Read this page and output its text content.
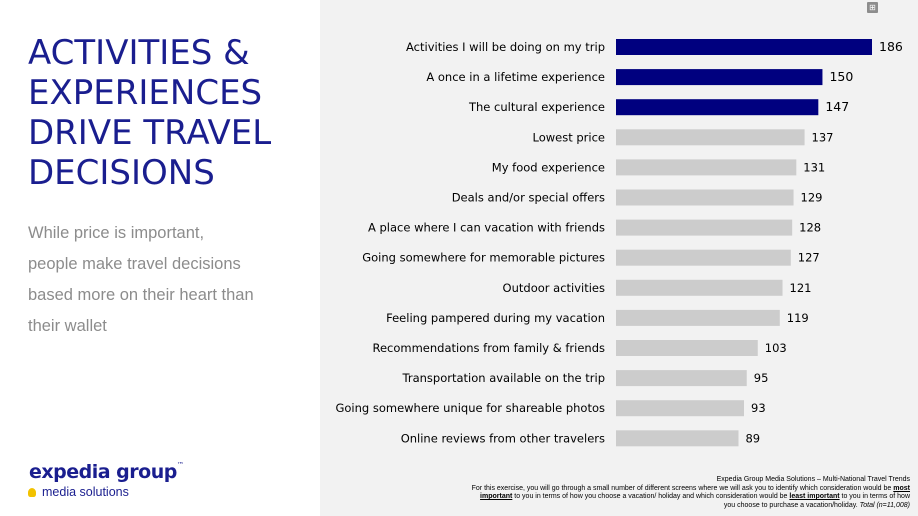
ACTIVITIES &
EXPERIENCES
DRIVE TRAVEL
DECISIONS
While price is important,
people make travel decisions
based more on their heart than
their wallet
expedia group™
media solutions
Activities I will be doing on my trip	186
A once in a lifetime experience	150
The cultural experience	147
Lowest price	137
My food experience	131
Deals and/or special offers	129
A place where I can vacation with friends	128
Going somewhere for memorable pictures	127
Outdoor activities	121
Feeling pampered during my vacation	119
Recommendations from family & friends	103
Transportation available on the trip	95
Going somewhere unique for shareable photos	93
Online reviews from other travelers	89
⊞
Expedia Group Media Solutions – Multi-National Travel Trends
For this exercise, you will go through a small number of different screens where we will ask you to identify which consideration would be most important to you in terms of how you choose a vacation/ holiday and which consideration would be least important to you in terms of how you choose to purchase a vacation/holiday. Total (n=11,008)
